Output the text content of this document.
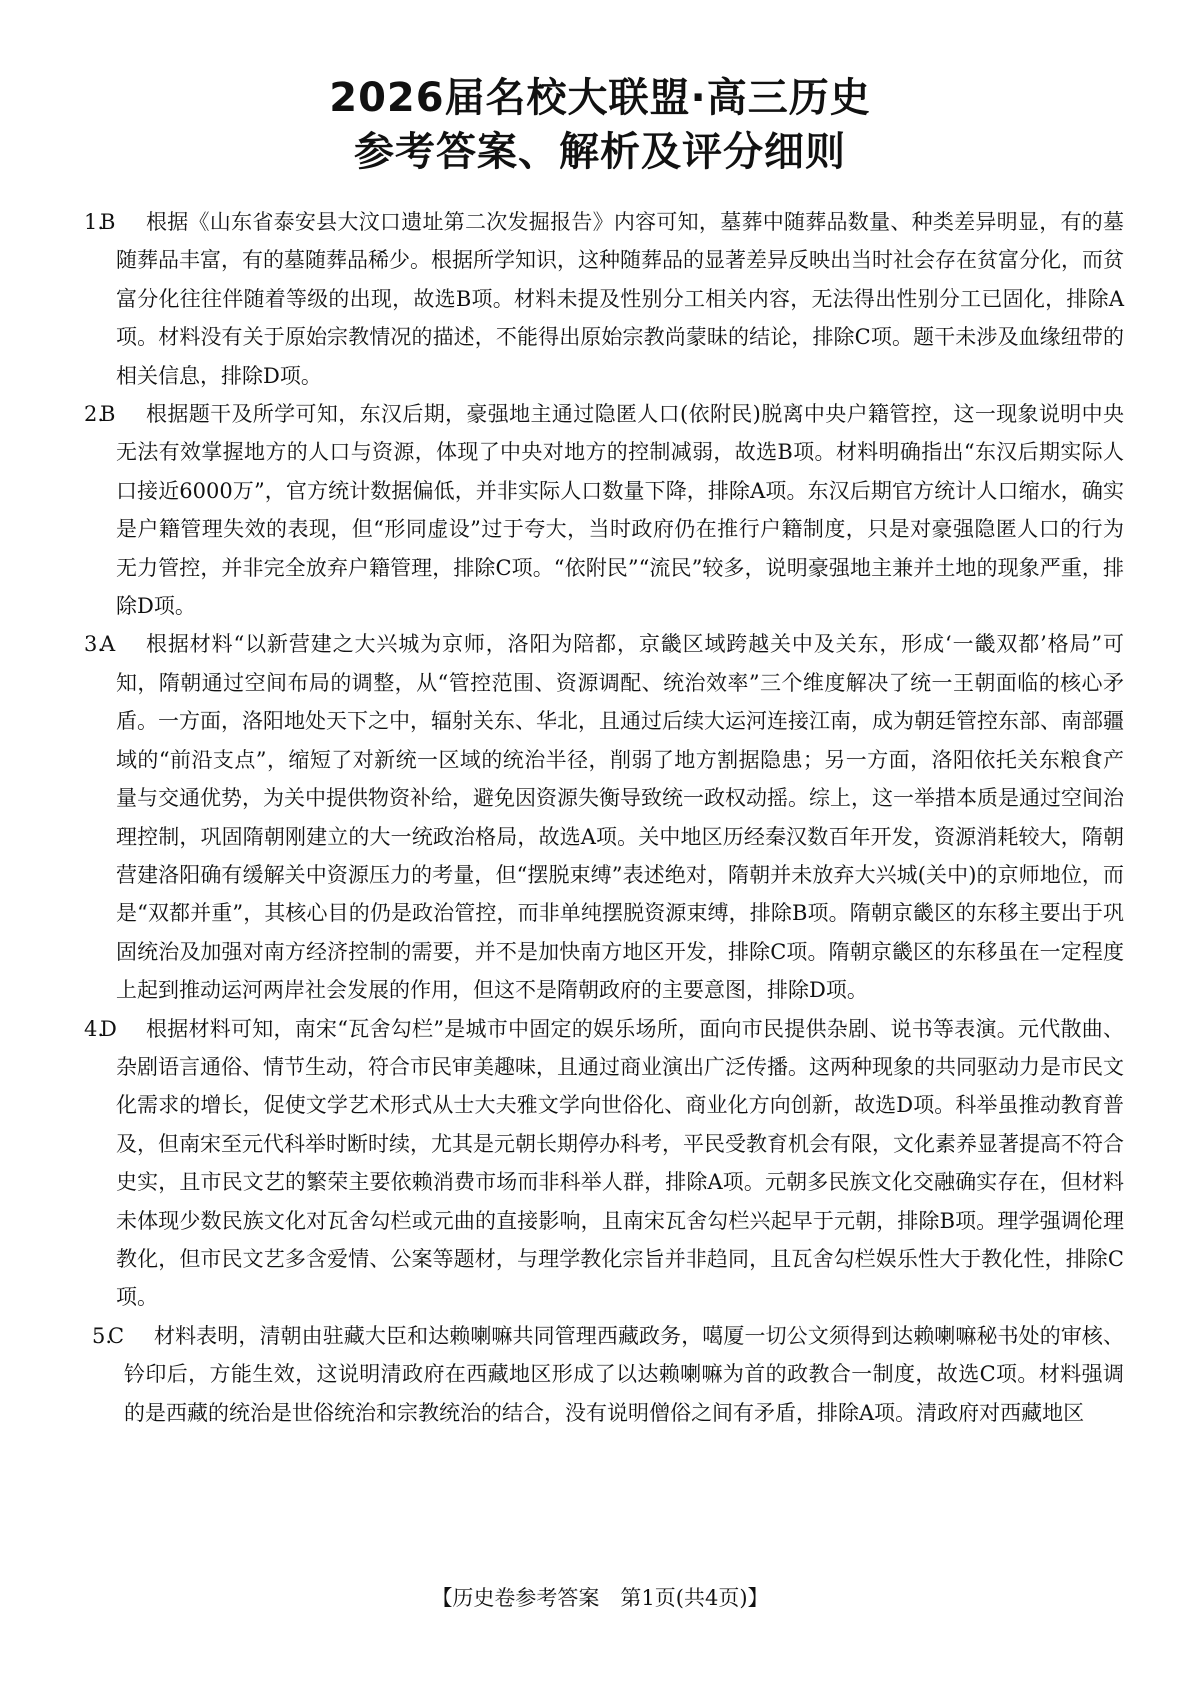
2026届名校大联盟·高三历史
参考答案、解析及评分细则

1.
B	根据《山东省泰安县大汶口遗址第二次发掘报告》内容可知，墓葬中随葬品数量、种类差异明显，有的墓随葬品丰富，有的墓随葬品稀少。根据所学知识，这种随葬品的显著差异反映出当时社会存在贫富分化，而贫富分化往往伴随着等级的出现，故选B项。材料未提及性别分工相关内容，无法得出性别分工已固化，排除A项。材料没有关于原始宗教情况的描述，不能得出原始宗教尚蒙昧的结论，排除C项。题干未涉及血缘纽带的相关信息，排除D项。

2.
B	根据题干及所学可知，东汉后期，豪强地主通过隐匿人口(依附民)脱离中央户籍管控，这一现象说明中央无法有效掌握地方的人口与资源，体现了中央对地方的控制减弱，故选B项。材料明确指出“东汉后期实际人口接近6000万”，官方统计数据偏低，并非实际人口数量下降，排除A项。东汉后期官方统计人口缩水，确实是户籍管理失效的表现，但“形同虚设”过于夸大，当时政府仍在推行户籍制度，只是对豪强隐匿人口的行为无力管控，并非完全放弃户籍管理，排除C项。“依附民”“流民”较多，说明豪强地主兼并土地的现象严重，排除D项。

3.
A	根据材料“以新营建之大兴城为京师，洛阳为陪都，京畿区域跨越关中及关东，形成‘一畿双都’格局”可知，隋朝通过空间布局的调整，从“管控范围、资源调配、统治效率”三个维度解决了统一王朝面临的核心矛盾。一方面，洛阳地处天下之中，辐射关东、华北，且通过后续大运河连接江南，成为朝廷管控东部、南部疆域的“前沿支点”，缩短了对新统一区域的统治半径，削弱了地方割据隐患；另一方面，洛阳依托关东粮食产量与交通优势，为关中提供物资补给，避免因资源失衡导致统一政权动摇。综上，这一举措本质是通过空间治理控制，巩固隋朝刚建立的大一统政治格局，故选A项。关中地区历经秦汉数百年开发，资源消耗较大，隋朝营建洛阳确有缓解关中资源压力的考量，但“摆脱束缚”表述绝对，隋朝并未放弃大兴城(关中)的京师地位，而是“双都并重”，其核心目的仍是政治管控，而非单纯摆脱资源束缚，排除B项。隋朝京畿区的东移主要出于巩固统治及加强对南方经济控制的需要，并不是加快南方地区开发，排除C项。隋朝京畿区的东移虽在一定程度上起到推动运河两岸社会发展的作用，但这不是隋朝政府的主要意图，排除D项。

4.
D	根据材料可知，南宋“瓦舍勾栏”是城市中固定的娱乐场所，面向市民提供杂剧、说书等表演。元代散曲、杂剧语言通俗、情节生动，符合市民审美趣味，且通过商业演出广泛传播。这两种现象的共同驱动力是市民文化需求的增长，促使文学艺术形式从士大夫雅文学向世俗化、商业化方向创新，故选D项。科举虽推动教育普及，但南宋至元代科举时断时续，尤其是元朝长期停办科考，平民受教育机会有限，文化素养显著提高不符合史实，且市民文艺的繁荣主要依赖消费市场而非科举人群，排除A项。元朝多民族文化交融确实存在，但材料未体现少数民族文化对瓦舍勾栏或元曲的直接影响，且南宋瓦舍勾栏兴起早于元朝，排除B项。理学强调伦理教化，但市民文艺多含爱情、公案等题材，与理学教化宗旨并非趋同，且瓦舍勾栏娱乐性大于教化性，排除C项。

5.
C	材料表明，清朝由驻藏大臣和达赖喇嘛共同管理西藏政务，噶厦一切公文须得到达赖喇嘛秘书处的审核、钤印后，方能生效，这说明清政府在西藏地区形成了以达赖喇嘛为首的政教合一制度，故选C项。材料强调的是西藏的统治是世俗统治和宗教统治的结合，没有说明僧俗之间有矛盾，排除A项。清政府对西藏地区

【历史卷参考答案　第1页(共4页)】
